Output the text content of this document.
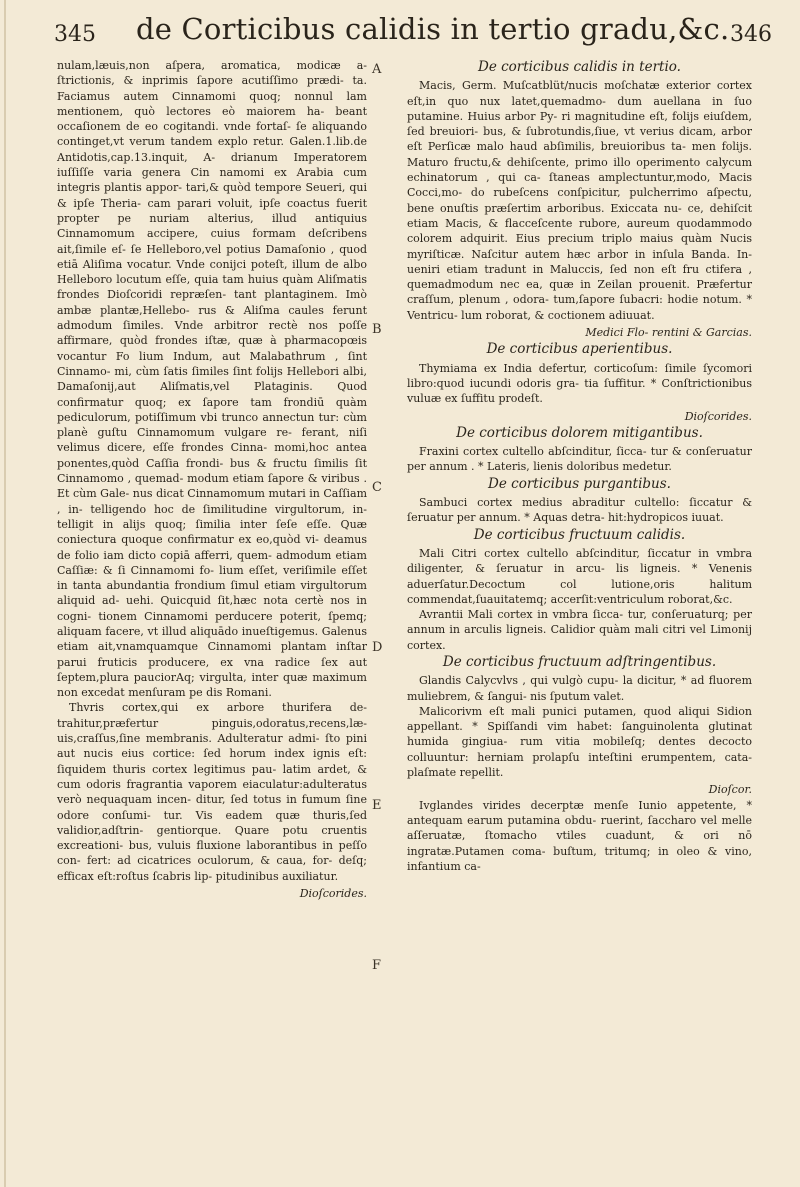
345 de Corticibus calidis in tertio gradu,&c. 346
A
B
C
D
E
F

nulam,læuis,non aſpera, aromatica, modicæ a- ſtrictionis, & inprimis ſapore acutiſſimo prædi- ta. Faciamus autem Cinnamomi quoq; nonnul lam mentionem, quò lectores eò maiorem ha- beant occaſionem de eo cogitandi. vnde fortaſ- ſe aliquando continget,vt verum tandem explo retur. Galen.1.lib.de Antidotis,cap.13.inquit, A- drianum Imperatorem iuſſiſſe varia genera Cin namomi ex Arabia cum integris plantis appor- tari,& quòd tempore Seueri, qui & ipſe Theria- cam parari voluit, ipſe coactus fuerit propter pe nuriam alterius, illud antiquius Cinnamomum accipere, cuius formam deſcribens ait,ſimile eſ- ſe Helleboro,vel potius Damaſonio , quod etiā Aliſima vocatur. Vnde conijci poteſt, illum de albo Helleboro locutum eſſe, quia tam huius quàm Aliſmatis frondes Dioſcoridi repræſen- tant plantaginem. Imò ambæ plantæ,Hellebo- rus & Aliſma caules ferunt admodum ſimiles. Vnde arbitror rectè nos poſſe affirmare, quòd frondes iſtæ, quæ à pharmacopœis vocantur Fo lium Indum, aut Malabathrum , ſint Cinnamo- mi, cùm ſatis ſimiles ſint folijs Hellebori albi, Damaſonij,aut Aliſmatis,vel Plataginis. Quod confirmatur quoq; ex ſapore tam frondiū quàm pediculorum, potiſſimum vbi trunco annectun tur: cùm planè guſtu Cinnamomum vulgare re- ferant, niſi velimus dicere, eſſe frondes Cinna- momi,hoc antea ponentes,quòd Caſſia frondi- bus & fructu ſimilis ſit Cinnamomo , quemad- modum etiam ſapore & viribus . Et cùm Gale- nus dicat Cinnamomum mutari in Caſſiam , in- telligendo hoc de ſimilitudine virgultorum, in- telligit in alijs quoq; ſimilia inter ſeſe eſſe. Quæ coniectura quoque confirmatur ex eo,quòd vi- deamus de folio iam dicto copiā afferri, quem- admodum etiam Caſſiæ: & ſi Cinnamomi fo- lium eſſet, veriſimile eſſet in tanta abundantia frondium ſimul etiam virgultorum aliquid ad- uehi. Quicquid ſit,hæc nota certè nos in cogni- tionem Cinnamomi perducere poterit, ſpemq; aliquam facere, vt illud aliquādo inueſtigemus. Galenus etiam ait,vnamquamque Cinnamomi plantam inſtar parui fruticis producere, ex vna radice ſex aut ſeptem,plura pauciorAq; virgulta, inter quæ maximum non excedat menſuram pe dis Romani.

Thvris cortex,qui ex arbore thurifera de- trahitur,præfertur pinguis,odoratus,recens,læ- uis,craſſus,ſine membranis. Adulteratur admi- ſto pini aut nucis eius cortice: ſed horum index ignis eſt: ſiquidem thuris cortex legitimus pau- latim ardet, & cum odoris fragrantia vaporem eiaculatur:adulteratus verò nequaquam incen- ditur, ſed totus in fumum ſine odore conſumi- tur. Vis eadem quæ thuris,ſed validior,adſtrin- gentiorque. Quare potu cruentis excreationi- bus, vuluis fluxione laborantibus in peſſo con- fert: ad cicatrices oculorum, & caua, for- deſq; efficax eſt:roſtus ſcabris lip- pitudinibus auxiliatur.

Dioſcorides.

De corticibus calidis in tertio.

Macis, Germ. Muſcatblüt/nucis moſchatæ exterior cortex eſt,in quo nux latet,quemadmo- dum auellana in ſuo putamine. Huius arbor Py- ri magnitudine eſt, folijs eiuſdem, ſed breuiori- bus, & ſubrotundis,ſiue, vt verius dicam, arbor eſt Perſicæ malo haud abſimilis, breuioribus ta- men folijs. Maturo fructu,& dehiſcente, primo illo operimento calycum echinatorum , qui ca- ſtaneas amplectuntur,modo, Macis Cocci,mo- do rubeſcens conſpicitur, pulcherrimo aſpectu, bene onuſtis præſertim arboribus. Exiccata nu- ce, dehiſcit etiam Macis, & flacceſcente rubore, aureum quodammodo colorem adquirit. Eius precium triplo maius quàm Nucis myriſticæ. Naſcitur autem hæc arbor in inſula Banda. In- ueniri etiam tradunt in Maluccis, ſed non eſt fru ctifera , quemadmodum nec ea, quæ in Zeilan prouenit. Præfertur craſſum, plenum , odora- tum,ſapore ſubacri: hodie notum. * Ventricu- lum roborat, & coctionem adiuuat.

Medici Flo- rentini & Garcias.

De corticibus aperientibus.

Thymiama ex India defertur, corticoſum: ſimile ſycomori libro:quod iucundi odoris gra- tia ſuffitur. * Conſtrictionibus vuluæ ex ſuffitu prodeſt.

Dioſcorides.

De corticibus dolorem mitigantibus.

Fraxini cortex cultello abſcinditur, ſicca- tur & conſeruatur per annum . * Lateris, lienis doloribus medetur.

De corticibus purgantibus.

Sambuci cortex medius abraditur cultello: ſiccatur & ſeruatur per annum. * Aquas detra- hit:hydropicos iuuat.

De corticibus fructuum calidis.

Mali Citri cortex cultello abſcinditur, ſiccatur in vmbra diligenter, & ſeruatur in arcu- lis ligneis. * Venenis aduerſatur.Decoctum col lutione,oris halitum commendat,ſuauitatemq; accerſit:ventriculum roborat,&c.

Avrantii Mali cortex in vmbra ſicca- tur, conſeruaturq; per annum in arculis ligneis. Calidior quàm mali citri vel Limonij cortex.

De corticibus fructuum adſtringentibus.

Glandis Calycvlvs , qui vulgò cupu- la dicitur, * ad fluorem muliebrem, & ſangui- nis ſputum valet.

Malicorivm eſt mali punici putamen, quod aliqui Sidion appellant. * Spiſſandi vim habet: ſanguinolenta glutinat humida gingiua- rum vitia mobileſq; dentes decocto colluuntur: herniam prolapſu inteſtini erumpentem, cata- plaſmate repellit.

Dioſcor.

Ivglandes virides decerptæ menſe Iunio appetente, * antequam earum putamina obdu- ruerint, ſaccharo vel melle aſſeruatæ, ſtomacho vtiles cuadunt, & ori nō ingratæ.Putamen coma- buſtum, tritumq; in oleo & vino, infantium ca-
